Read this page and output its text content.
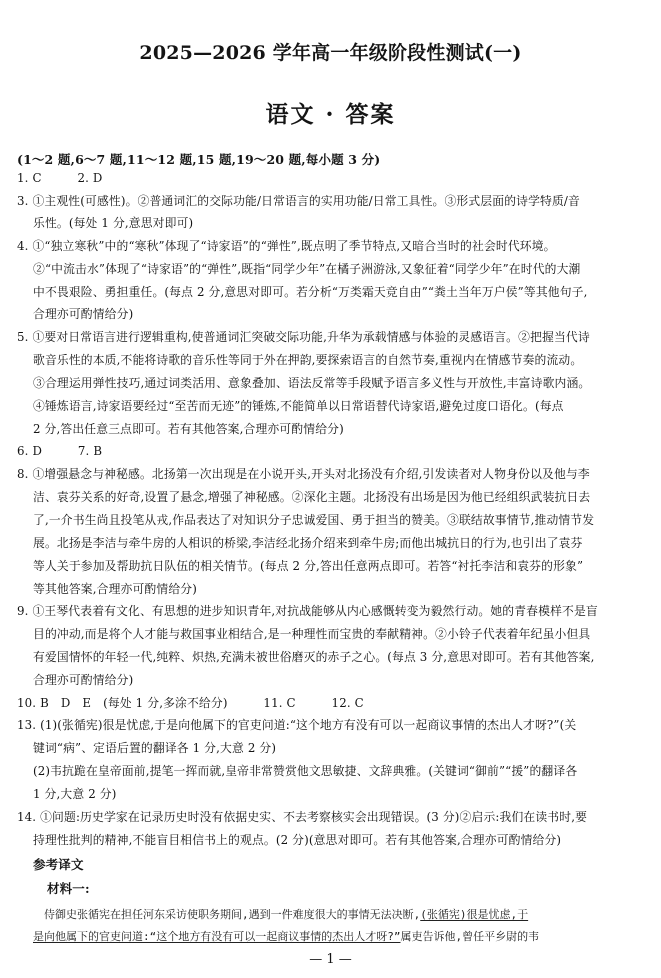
2025—2026 学年高一年级阶段性测试(一)
语文 · 答案
(1～2 题,6～7 题,11～12 题,15 题,19～20 题,每小题 3 分)
1. C　　　2. D
3. ①主观性(可感性)。②普通词汇的交际功能/日常语言的实用功能/日常工具性。③形式层面的诗学特质/音
乐性。(每处 1 分,意思对即可)
4. ①“独立寒秋”中的“寒秋”体现了“诗家语”的“弹性”,既点明了季节特点,又暗合当时的社会时代环境。
②“中流击水”体现了“诗家语”的“弹性”,既指“同学少年”在橘子洲游泳,又象征着“同学少年”在时代的大潮
中不畏艰险、勇担重任。(每点 2 分,意思对即可。若分析“万类霜天竞自由”“粪土当年万户侯”等其他句子,
合理亦可酌情给分)
5. ①要对日常语言进行逻辑重构,使普通词汇突破交际功能,升华为承载情感与体验的灵感语言。②把握当代诗
歌音乐性的本质,不能将诗歌的音乐性等同于外在押韵,要探索语言的自然节奏,重视内在情感节奏的流动。
③合理运用弹性技巧,通过词类活用、意象叠加、语法反常等手段赋予语言多义性与开放性,丰富诗歌内涵。
④锤炼语言,诗家语要经过“至苦而无迹”的锤炼,不能简单以日常语替代诗家语,避免过度口语化。(每点
2 分,答出任意三点即可。若有其他答案,合理亦可酌情给分)
6. D　　　7. B
8. ①增强悬念与神秘感。北扬第一次出现是在小说开头,开头对北扬没有介绍,引发读者对人物身份以及他与李
洁、袁芬关系的好奇,设置了悬念,增强了神秘感。②深化主题。北扬没有出场是因为他已经组织武装抗日去
了,一介书生尚且投笔从戎,作品表达了对知识分子忠诚爱国、勇于担当的赞美。③联结故事情节,推动情节发
展。北扬是李洁与牵牛房的人相识的桥梁,李洁经北扬介绍来到牵牛房;而他出城抗日的行为,也引出了袁芬
等人关于参加及帮助抗日队伍的相关情节。(每点 2 分,答出任意两点即可。若答“衬托李洁和袁芬的形象”
等其他答案,合理亦可酌情给分)
9. ①王琴代表着有文化、有思想的进步知识青年,对抗战能够从内心感慨转变为毅然行动。她的青春模样不是盲
目的冲动,而是将个人才能与救国事业相结合,是一种理性而宝贵的奉献精神。②小铃子代表着年纪虽小但具
有爱国情怀的年轻一代,纯粹、炽热,充满未被世俗磨灭的赤子之心。(每点 3 分,意思对即可。若有其他答案,
合理亦可酌情给分)
10. B　D　E　(每处 1 分,多涂不给分)　　　11. C　　　12. C
13. (1)(张循宪)很是忧虑,于是向他属下的官吏问道:“这个地方有没有可以一起商议事情的杰出人才呀?”(关
键词“病”、定语后置的翻译各 1 分,大意 2 分)
(2)韦抗跪在皇帝面前,提笔一挥而就,皇帝非常赞赏他文思敏捷、文辞典雅。(关键词“御前”“援”的翻译各
1 分,大意 2 分)
14. ①问题:历史学家在记录历史时没有依据史实、不去考察核实会出现错误。(3 分)②启示:我们在读书时,要
持理性批判的精神,不能盲目相信书上的观点。(2 分)(意思对即可。若有其他答案,合理亦可酌情给分)
参考译文
材料一:
侍御史张循宪在担任河东采访使职务期间,遇到一件难度很大的事情无法决断,(张循宪)很是忧虑,于
是向他属下的官吏问道:“这个地方有没有可以一起商议事情的杰出人才呀?”属吏告诉他,曾任平乡尉的韦
— 1 —
